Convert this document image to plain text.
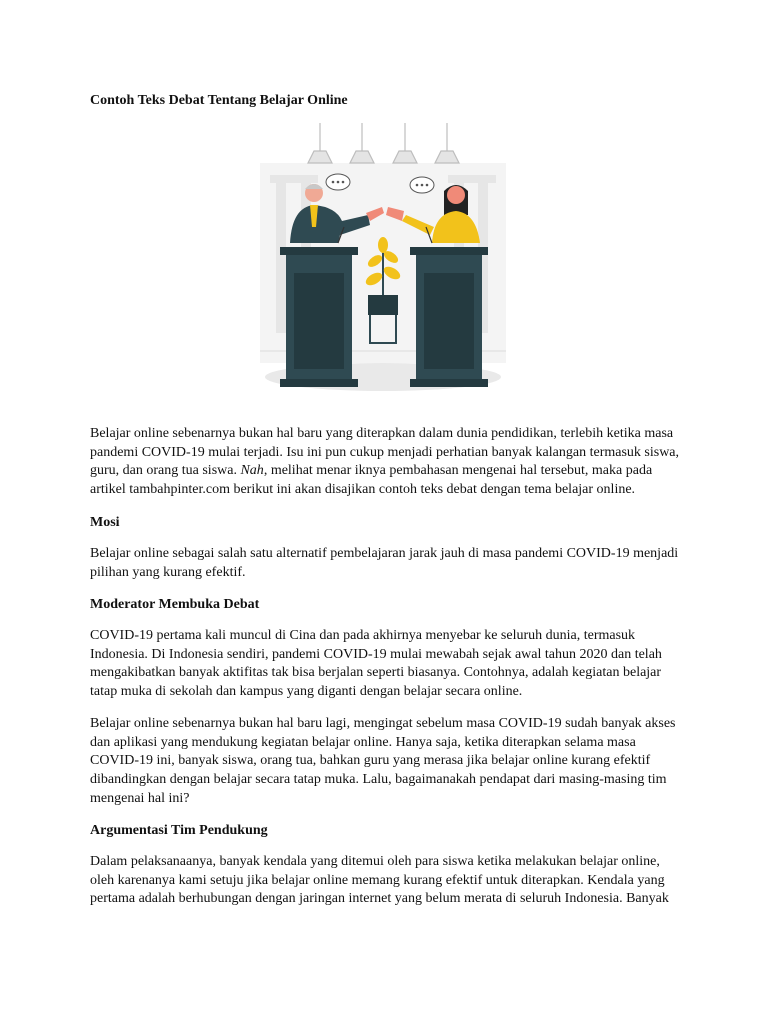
Contoh Teks Debat Tentang Belajar Online

Belajar online sebenarnya bukan hal baru yang diterapkan dalam dunia pendidikan, terlebih ketika masa pandemi COVID-19 mulai terjadi. Isu ini pun cukup menjadi perhatian banyak kalangan termasuk siswa, guru, dan orang tua siswa. Nah, melihat menar iknya pembahasan mengenai hal tersebut, maka pada artikel tambahpinter.com berikut ini akan disajikan contoh teks debat dengan tema belajar online.

Mosi

Belajar online sebagai salah satu alternatif pembelajaran jarak jauh di masa pandemi COVID-19 menjadi pilihan yang kurang efektif.

Moderator Membuka Debat

COVID-19 pertama kali muncul di Cina dan pada akhirnya menyebar ke seluruh dunia, termasuk Indonesia. Di Indonesia sendiri, pandemi COVID-19 mulai mewabah sejak awal tahun 2020 dan telah mengakibatkan banyak aktifitas tak bisa berjalan seperti biasanya. Contohnya, adalah kegiatan belajar tatap muka di sekolah dan kampus yang diganti dengan belajar secara online.

Belajar online sebenarnya bukan hal baru lagi, mengingat sebelum masa COVID-19 sudah banyak akses dan aplikasi yang mendukung kegiatan belajar online. Hanya saja, ketika diterapkan selama masa COVID-19 ini, banyak siswa, orang tua, bahkan guru yang merasa jika belajar online kurang efektif dibandingkan dengan belajar secara tatap muka. Lalu, bagaimanakah pendapat dari masing-masing tim mengenai hal ini?

Argumentasi Tim Pendukung

Dalam pelaksanaanya, banyak kendala yang ditemui oleh para siswa ketika melakukan belajar online, oleh karenanya kami setuju jika belajar online memang kurang efektif untuk diterapkan. Kendala yang pertama adalah berhubungan dengan jaringan internet yang belum merata di seluruh Indonesia. Banyak
